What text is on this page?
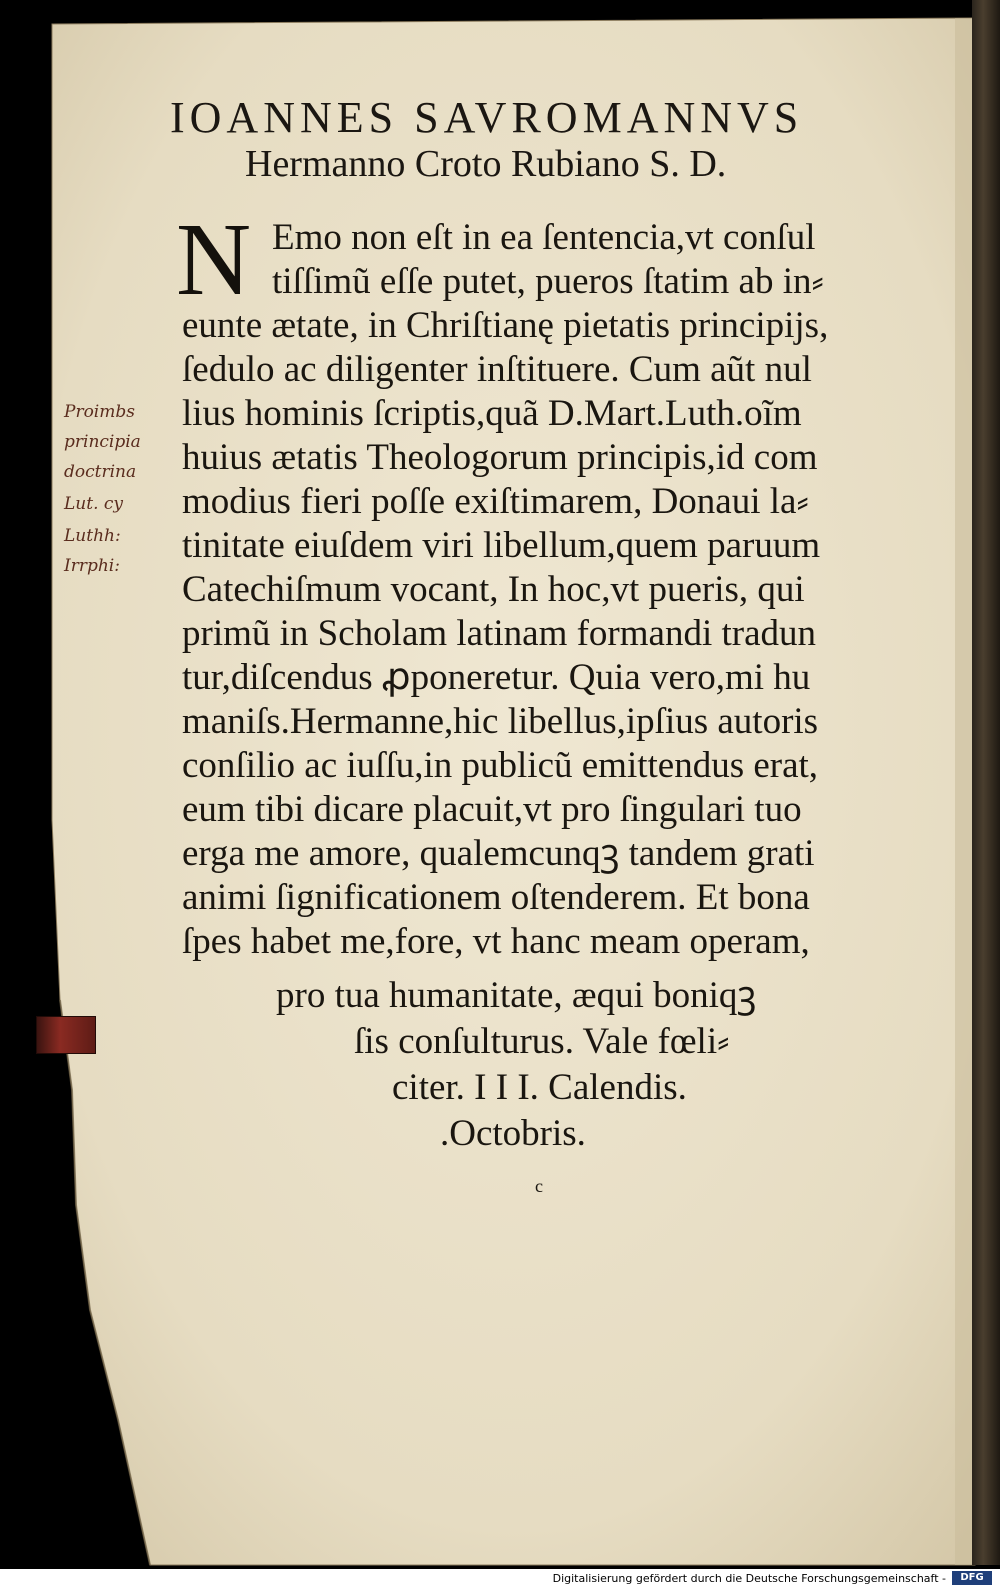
IOANNES SAVROMANNVS
Hermanno Croto Rubiano S. D.
N Emo non eſt in ea ſentencia,vt conſul
tiſſimũ eſſe putet, pueros ſtatim ab in⸗
eunte ætate, in Chriſtianę pietatis principijs,
ſedulo ac diligenter inſtituere. Cum aũt nul
lius hominis ſcriptis,quã D.Mart.Luth.oĩm
huius ætatis Theologorum principis,id com
modius fieri poſſe exiſtimarem, Donaui la⸗
tinitate eiuſdem viri libellum,quem paruum
Catechiſmum vocant, In hoc,vt pueris, qui
primũ in Scholam latinam formandi tradun
tur,diſcendus ꝓponeretur. Quia vero,mi hu
maniſs.Hermanne,hic libellus,ipſius autoris
conſilio ac iuſſu,in publicũ emittendus erat,
eum tibi dicare placuit,vt pro ſingulari tuo
erga me amore, qualemcunqꝫ tandem grati
animi ſignificationem oſtenderem. Et bona
ſpes habet me,fore, vt hanc meam operam,
pro tua humanitate, æqui boniqꝫ
ſis conſulturus. Vale fœli⸗
citer. I I I. Calendis.
.Octobris.
Proimbs
principia
doctrina
Lut. cy
Luthh:
Irrphi:
c
Digitalisierung gefördert durch die Deutsche Forschungsgemeinschaft -	DFG
